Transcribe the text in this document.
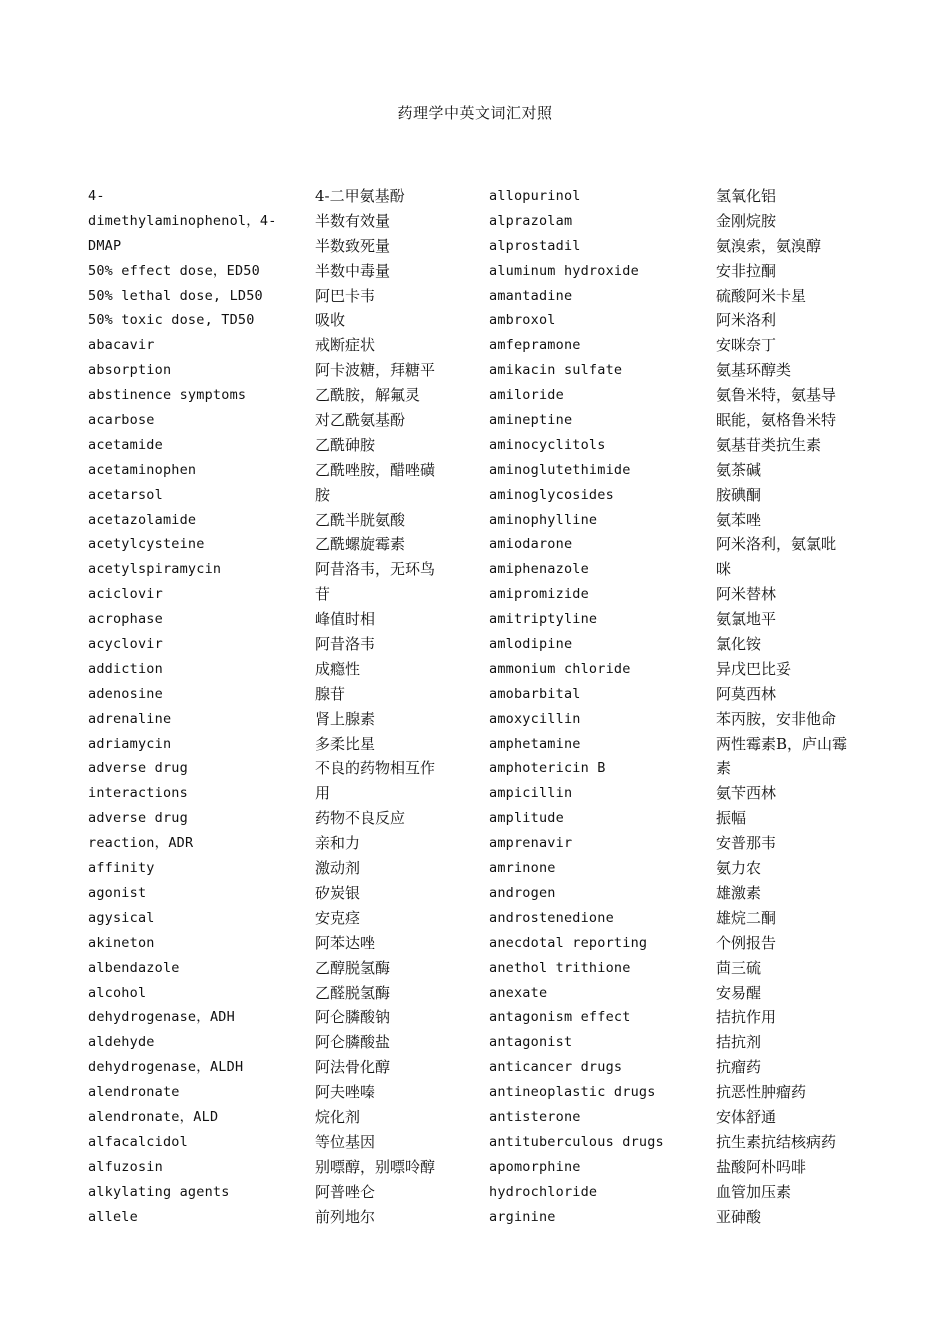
药理学中英文词汇对照
4-
dimethylaminophenol，4-
DMAP
50% effect dose，ED50
50% lethal dose, LD50
50% toxic dose, TD50
abacavir
absorption
abstinence symptoms
acarbose
acetamide
acetaminophen
acetarsol
acetazolamide
acetylcysteine
acetylspiramycin
aciclovir
acrophase
acyclovir
addiction
adenosine
adrenaline
adriamycin
adverse drug
interactions
adverse drug
reaction，ADR
affinity
agonist
agysical
akineton
albendazole
alcohol
dehydrogenase，ADH
aldehyde
dehydrogenase，ALDH
alendronate
alendronate，ALD
alfacalcidol
alfuzosin
alkylating agents
allele
4-二甲氨基酚
半数有效量
半数致死量
半数中毒量
阿巴卡韦
吸收
戒断症状
阿卡波糖，拜糖平
乙酰胺，解氟灵
对乙酰氨基酚
乙酰砷胺
乙酰唑胺，醋唑磺
胺
乙酰半胱氨酸
乙酰螺旋霉素
阿昔洛韦，无环鸟
苷
峰值时相
阿昔洛韦
成瘾性
腺苷
肾上腺素
多柔比星
不良的药物相互作
用
药物不良反应
亲和力
激动剂
矽炭银
安克痉
阿苯达唑
乙醇脱氢酶
乙醛脱氢酶
阿仑膦酸钠
阿仑膦酸盐
阿法骨化醇
阿夫唑嗪
烷化剂
等位基因
别嘌醇，别嘌呤醇
阿普唑仑
前列地尔
allopurinol
alprazolam
alprostadil
aluminum hydroxide
amantadine
ambroxol
amfepramone
amikacin sulfate
amiloride
amineptine
aminocyclitols
aminoglutethimide
aminoglycosides
aminophylline
amiodarone
amiphenazole
amipromizide
amitriptyline
amlodipine
ammonium chloride
amobarbital
amoxycillin
amphetamine
amphotericin B
ampicillin
amplitude
amprenavir
amrinone
androgen
androstenedione
anecdotal reporting
anethol trithione
anexate
antagonism effect
antagonist
anticancer drugs
antineoplastic drugs
antisterone
antituberculous drugs
apomorphine
hydrochloride
arginine
氢氧化铝
金刚烷胺
氨溴索，氨溴醇
安非拉酮
硫酸阿米卡星
阿米洛利
安咪奈丁
氨基环醇类
氨鲁米特，氨基导
眠能，氨格鲁米特
氨基苷类抗生素
氨茶碱
胺碘酮
氨苯唑
阿米洛利，氨氯吡
咪
阿米替林
氨氯地平
氯化铵
异戊巴比妥
阿莫西林
苯丙胺，安非他命
两性霉素B，庐山霉
素
氨苄西林
振幅
安普那韦
氨力农
雄激素
雄烷二酮
个例报告
茴三硫
安易醒
拮抗作用
拮抗剂
抗瘤药
抗恶性肿瘤药
安体舒通
抗生素抗结核病药
盐酸阿朴吗啡
血管加压素
亚砷酸
